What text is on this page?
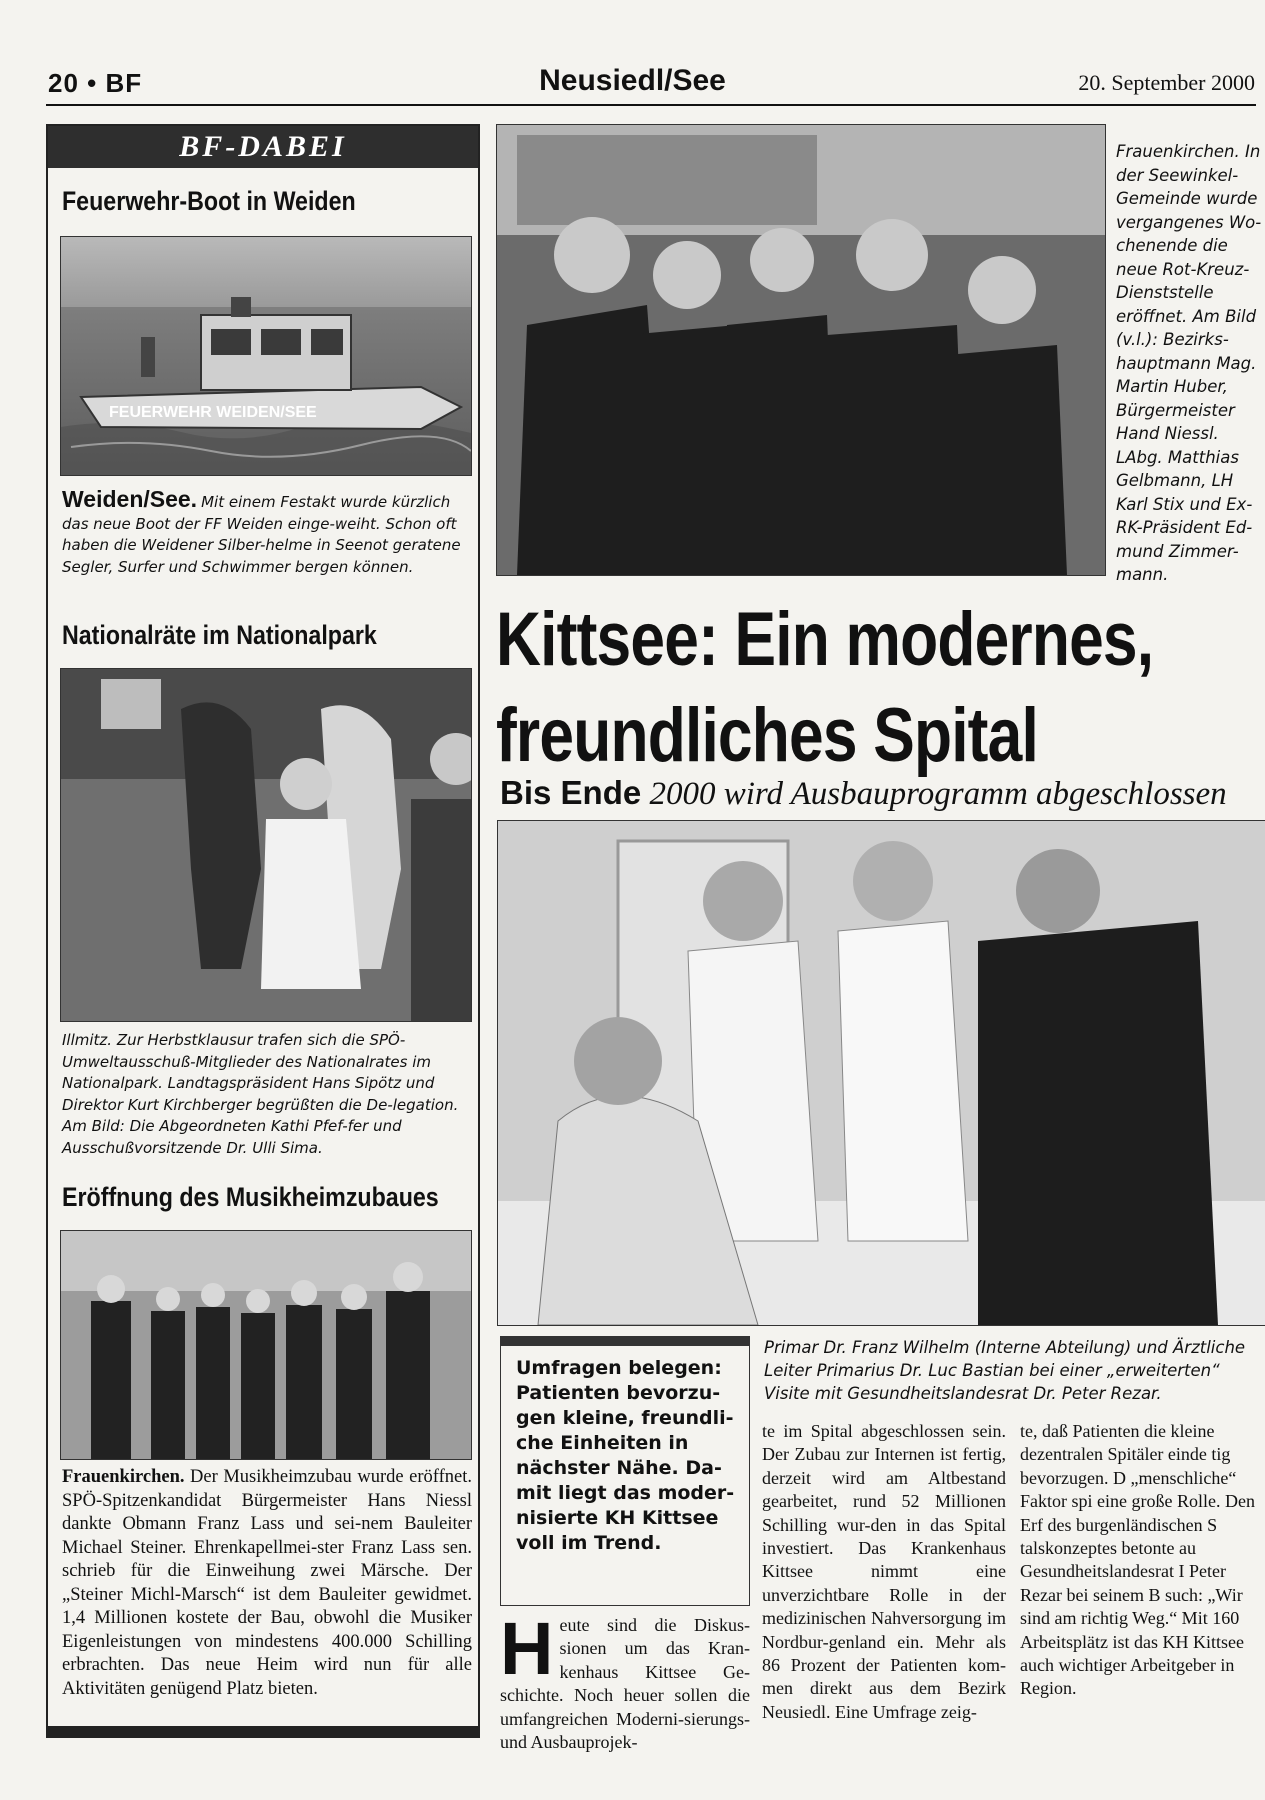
20 • BF	Neusiedl/See	20. September 2000
BF-DABEI
Feuerwehr-Boot in Weiden
FEUERWEHR WEIDEN/SEE
Weiden/See. Mit einem Festakt wurde kürzlich das neue Boot der FF Weiden einge-weiht. Schon oft haben die Weidener Silber-helme in Seenot geratene Segler, Surfer und Schwimmer bergen können.
Nationalräte im Nationalpark
Illmitz. Zur Herbstklausur trafen sich die SPÖ-Umweltausschuß-Mitglieder des Nationalrates im Nationalpark. Landtagspräsident Hans Sipötz und Direktor Kurt Kirchberger begrüßten die De-legation. Am Bild: Die Abgeordneten Kathi Pfef-fer und Ausschußvorsitzende Dr. Ulli Sima.
Eröffnung des Musikheimzubaues
Frauenkirchen. Der Musikheimzubau wurde eröffnet. SPÖ-Spitzenkandidat Bürgermeister Hans Niessl dankte Obmann Franz Lass und sei-nem Bauleiter Michael Steiner. Ehrenkapellmei-ster Franz Lass sen. schrieb für die Einweihung zwei Märsche. Der „Steiner Michl-Marsch“ ist dem Bauleiter gewidmet. 1,4 Millionen kostete der Bau, obwohl die Musiker Eigenleistungen von mindestens 400.000 Schilling erbrachten. Das neue Heim wird nun für alle Aktivitäten genügend Platz bieten.
Frauenkirchen. In der Seewinkel-Gemeinde wurde vergangenes Wo-chenende die neue Rot-Kreuz-Dienststelle eröffnet. Am Bild (v.l.): Bezirks-hauptmann Mag. Martin Huber, Bürgermeister Hand Niessl. LAbg. Matthias Gelbmann, LH Karl Stix und Ex-RK-Präsident Ed-mund Zimmer-mann.
Kittsee: Ein modernes,
freundliches Spital
Bis Ende 2000 wird Ausbauprogramm abgeschlossen
Primar Dr. Franz Wilhelm (Interne Abteilung) und Ärztliche Leiter Primarius Dr. Luc Bastian bei einer „erweiterten“ Visite mit Gesundheitslandesrat Dr. Peter Rezar.
Umfragen belegen: Patienten bevorzu-gen kleine, freundli-che Einheiten in nächster Nähe. Da-mit liegt das moder-nisierte KH Kittsee voll im Trend.
H eute sind die Diskus-sionen um das Kran-kenhaus Kittsee Ge-schichte. Noch heuer sollen die umfangreichen Moderni-sierungs- und Ausbauprojek-
te im Spital abgeschlossen sein. Der Zubau zur Internen ist fertig, derzeit wird am Altbestand gearbeitet, rund 52 Millionen Schilling wur-den in das Spital investiert. Das Krankenhaus Kittsee nimmt eine unverzichtbare Rolle in der medizinischen Nahversorgung im Nordbur-genland ein. Mehr als 86 Prozent der Patienten kom-men direkt aus dem Bezirk Neusiedl. Eine Umfrage zeig-
te, daß Patienten die kleine dezentralen Spitäler einde tig bevorzugen. D „menschliche“ Faktor spi eine große Rolle. Den Erf des burgenländischen S talskonzeptes betonte au Gesundheitslandesrat I Peter Rezar bei seinem B such: „Wir sind am richtig Weg.“ Mit 160 Arbeitsplätz ist das KH Kittsee auch wichtiger Arbeitgeber in Region.
